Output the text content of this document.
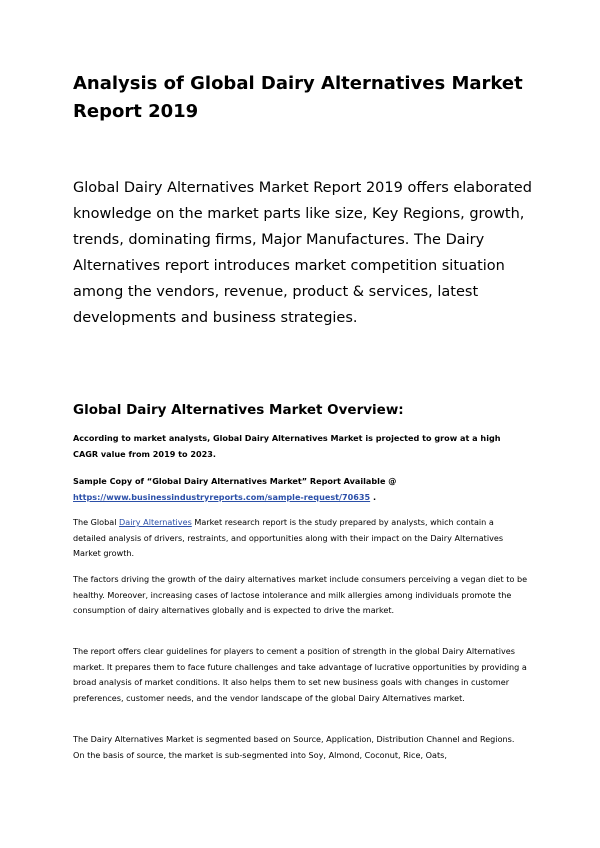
Analysis of Global Dairy Alternatives Market Report 2019

Global Dairy Alternatives Market Report 2019 offers elaborated knowledge on the market parts like size, Key Regions, growth, trends, dominating firms, Major Manufactures. The Dairy Alternatives report introduces market competition situation among the vendors, revenue, product & services, latest developments and business strategies.

Global Dairy Alternatives Market Overview:

According to market analysts, Global Dairy Alternatives Market is projected to grow at a high CAGR value from 2019 to 2023.

Sample Copy of “Global Dairy Alternatives Market” Report Available @
https://www.businessindustryreports.com/sample-request/70635 .

The Global Dairy Alternatives Market research report is the study prepared by analysts, which contain a detailed analysis of drivers, restraints, and opportunities along with their impact on the Dairy Alternatives Market growth.

The factors driving the growth of the dairy alternatives market include consumers perceiving a vegan diet to be healthy. Moreover, increasing cases of lactose intolerance and milk allergies among individuals promote the consumption of dairy alternatives globally and is expected to drive the market.

The report offers clear guidelines for players to cement a position of strength in the global Dairy Alternatives market. It prepares them to face future challenges and take advantage of lucrative opportunities by providing a broad analysis of market conditions. It also helps them to set new business goals with changes in customer preferences, customer needs, and the vendor landscape of the global Dairy Alternatives market.

The Dairy Alternatives Market is segmented based on Source, Application, Distribution Channel and Regions. On the basis of source, the market is sub-segmented into Soy, Almond, Coconut, Rice, Oats,
